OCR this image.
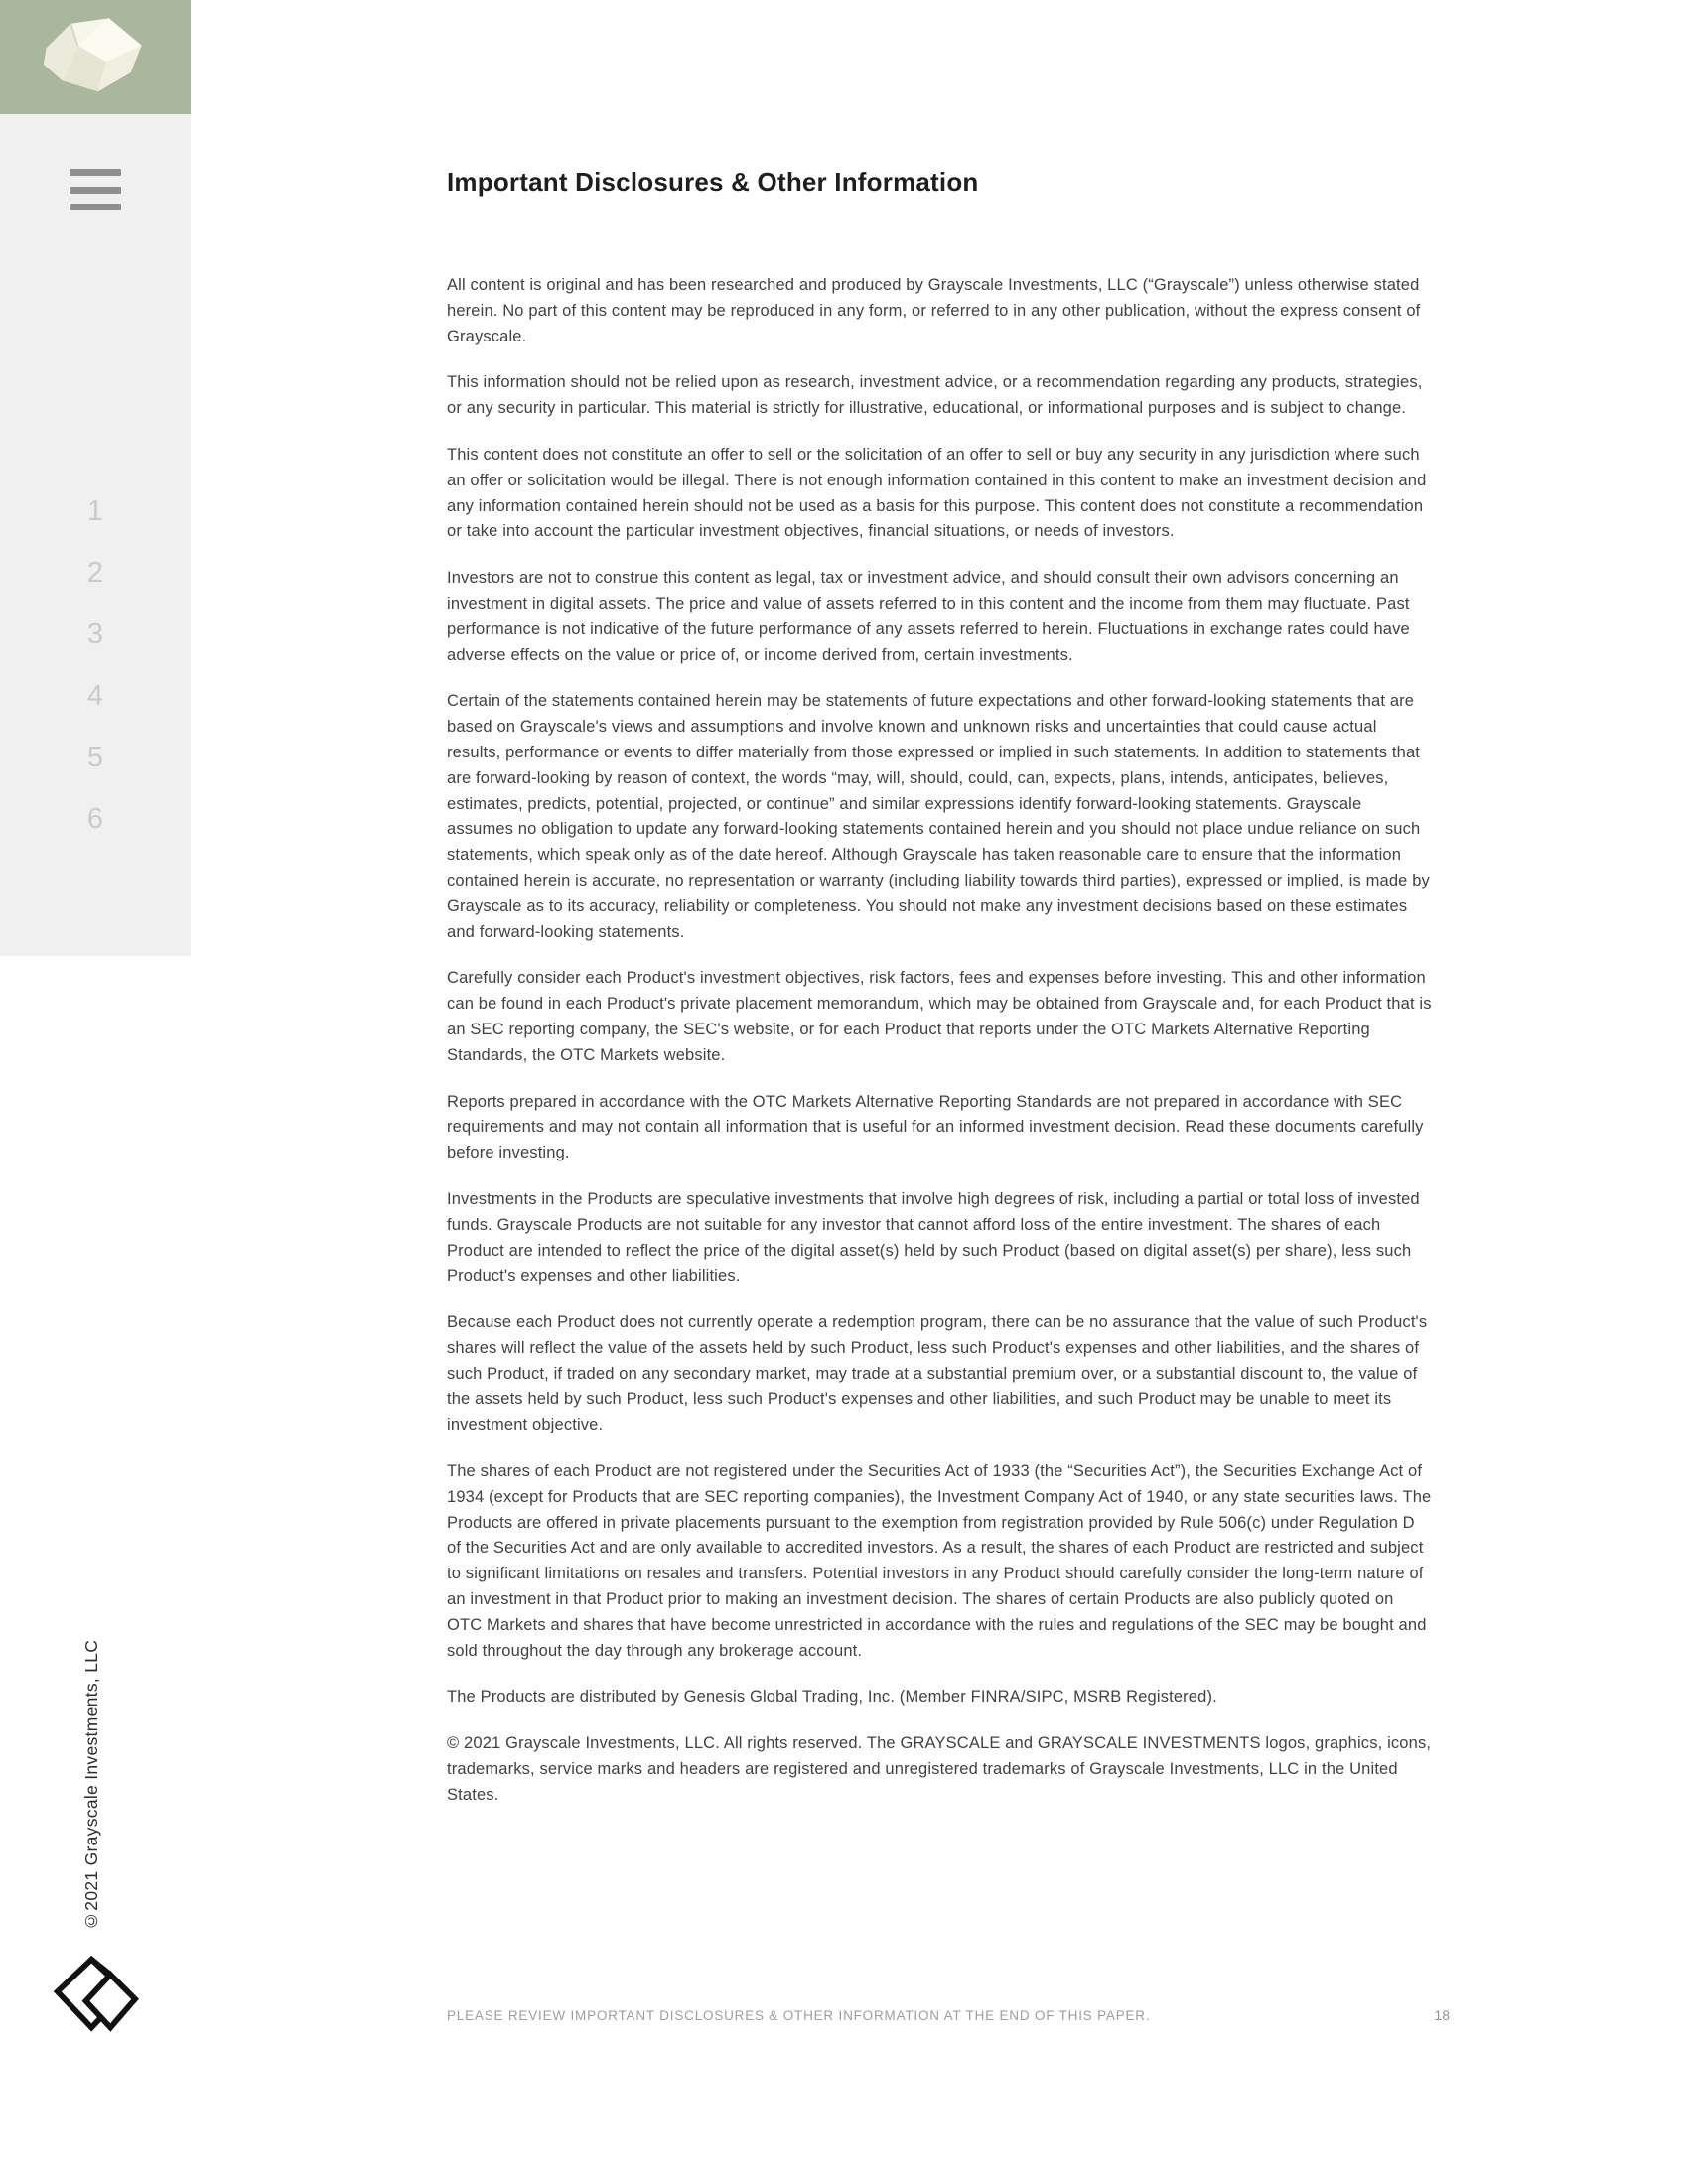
1
2
3
4
5
6
©2021 Grayscale Investments, LLC
Important Disclosures & Other Information

All content is original and has been researched and produced by Grayscale Investments, LLC (“Grayscale”) unless otherwise stated herein. No part of this content may be reproduced in any form, or referred to in any other publication, without the express consent of Grayscale.

This information should not be relied upon as research, investment advice, or a recommendation regarding any products, strategies, or any security in particular. This material is strictly for illustrative, educational, or informational purposes and is subject to change.

This content does not constitute an offer to sell or the solicitation of an offer to sell or buy any security in any jurisdiction where such an offer or solicitation would be illegal. There is not enough information contained in this content to make an investment decision and any information contained herein should not be used as a basis for this purpose. This content does not constitute a recommendation or take into account the particular investment objectives, financial situations, or needs of investors.

Investors are not to construe this content as legal, tax or investment advice, and should consult their own advisors concerning an investment in digital assets. The price and value of assets referred to in this content and the income from them may fluctuate. Past performance is not indicative of the future performance of any assets referred to herein. Fluctuations in exchange rates could have adverse effects on the value or price of, or income derived from, certain investments.

Certain of the statements contained herein may be statements of future expectations and other forward-looking statements that are based on Grayscale's views and assumptions and involve known and unknown risks and uncertainties that could cause actual results, performance or events to differ materially from those expressed or implied in such statements. In addition to statements that are forward-looking by reason of context, the words “may, will, should, could, can, expects, plans, intends, anticipates, believes, estimates, predicts, potential, projected, or continue” and similar expressions identify forward-looking statements. Grayscale assumes no obligation to update any forward-looking statements contained herein and you should not place undue reliance on such statements, which speak only as of the date hereof. Although Grayscale has taken reasonable care to ensure that the information contained herein is accurate, no representation or warranty (including liability towards third parties), expressed or implied, is made by Grayscale as to its accuracy, reliability or completeness. You should not make any investment decisions based on these estimates and forward-looking statements.

Carefully consider each Product's investment objectives, risk factors, fees and expenses before investing. This and other information can be found in each Product's private placement memorandum, which may be obtained from Grayscale and, for each Product that is an SEC reporting company, the SEC's website, or for each Product that reports under the OTC Markets Alternative Reporting Standards, the OTC Markets website.

Reports prepared in accordance with the OTC Markets Alternative Reporting Standards are not prepared in accordance with SEC requirements and may not contain all information that is useful for an informed investment decision. Read these documents carefully before investing.

Investments in the Products are speculative investments that involve high degrees of risk, including a partial or total loss of invested funds. Grayscale Products are not suitable for any investor that cannot afford loss of the entire investment. The shares of each Product are intended to reflect the price of the digital asset(s) held by such Product (based on digital asset(s) per share), less such Product's expenses and other liabilities.

Because each Product does not currently operate a redemption program, there can be no assurance that the value of such Product's shares will reflect the value of the assets held by such Product, less such Product's expenses and other liabilities, and the shares of such Product, if traded on any secondary market, may trade at a substantial premium over, or a substantial discount to, the value of the assets held by such Product, less such Product's expenses and other liabilities, and such Product may be unable to meet its investment objective.

The shares of each Product are not registered under the Securities Act of 1933 (the “Securities Act”), the Securities Exchange Act of 1934 (except for Products that are SEC reporting companies), the Investment Company Act of 1940, or any state securities laws. The Products are offered in private placements pursuant to the exemption from registration provided by Rule 506(c) under Regulation D of the Securities Act and are only available to accredited investors. As a result, the shares of each Product are restricted and subject to significant limitations on resales and transfers. Potential investors in any Product should carefully consider the long-term nature of an investment in that Product prior to making an investment decision. The shares of certain Products are also publicly quoted on OTC Markets and shares that have become unrestricted in accordance with the rules and regulations of the SEC may be bought and sold throughout the day through any brokerage account.

The Products are distributed by Genesis Global Trading, Inc. (Member FINRA/SIPC, MSRB Registered).

© 2021 Grayscale Investments, LLC. All rights reserved. The GRAYSCALE and GRAYSCALE INVESTMENTS logos, graphics, icons, trademarks, service marks and headers are registered and unregistered trademarks of Grayscale Investments, LLC in the United States.

PLEASE REVIEW IMPORTANT DISCLOSURES & OTHER INFORMATION AT THE END OF THIS PAPER.	18
